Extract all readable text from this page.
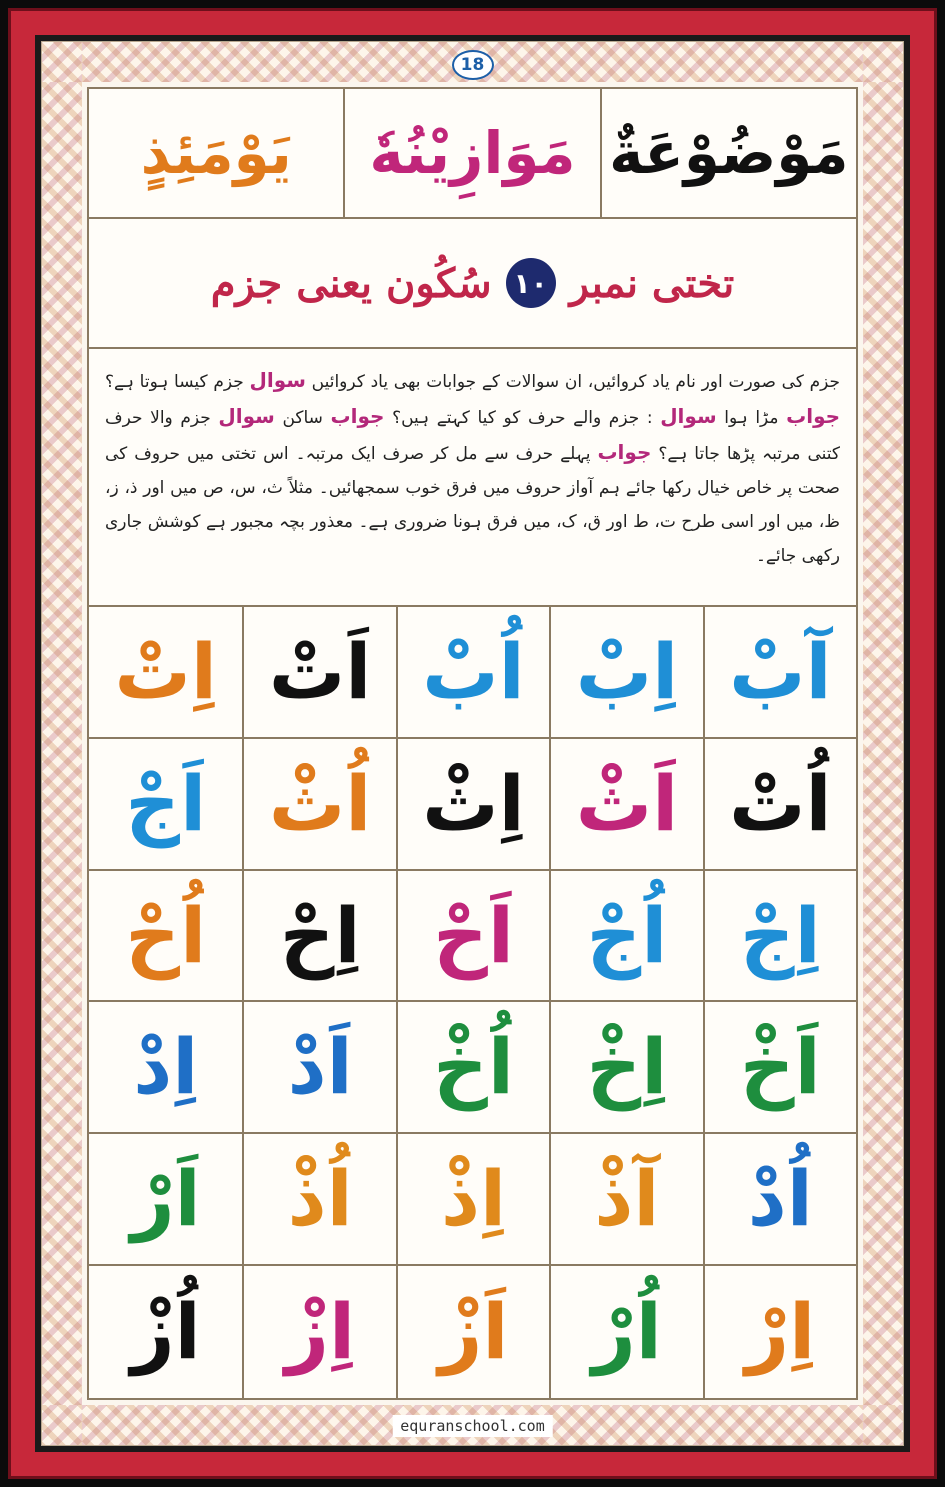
18
مَوْضُوْعَةٌ
مَوَازِيْنُهٗ
يَوْمَئِذٍ
تختی نمبر
١٠
سُکُون یعنی جزم
جزم کی صورت اور نام یاد کروائیں، ان سوالات کے جوابات بھی یاد کروائیں سوال جزم کیسا ہوتا ہے؟ جواب مڑا ہوا سوال : جزم والے حرف کو کیا کہتے ہیں؟ جواب ساکن سوال جزم والا حرف کتنی مرتبہ پڑھا جاتا ہے؟ جواب پہلے حرف سے مل کر صرف ایک مرتبہ۔ اس تختی میں حروف کی صحت پر خاص خیال رکھا جائے ہم آواز حروف میں فرق خوب سمجھائیں۔ مثلاً ث، س، ص میں اور ذ، ز، ظ، میں اور اسی طرح ت، ط اور ق، ک، میں فرق ہونا ضروری ہے۔ معذور بچہ مجبور ہے کوشش جاری رکھی جائے۔
آبْ
اِبْ
اُبْ
اَتْ
اِتْ
اُتْ
اَثْ
اِثْ
اُثْ
اَجْ
اِجْ
اُجْ
اَحْ
اِحْ
اُحْ
اَخْ
اِخْ
اُخْ
اَدْ
اِدْ
اُدْ
آذْ
اِذْ
اُذْ
اَرْ
اِرْ
اُرْ
اَزْ
اِزْ
اُزْ
equranschool.com
